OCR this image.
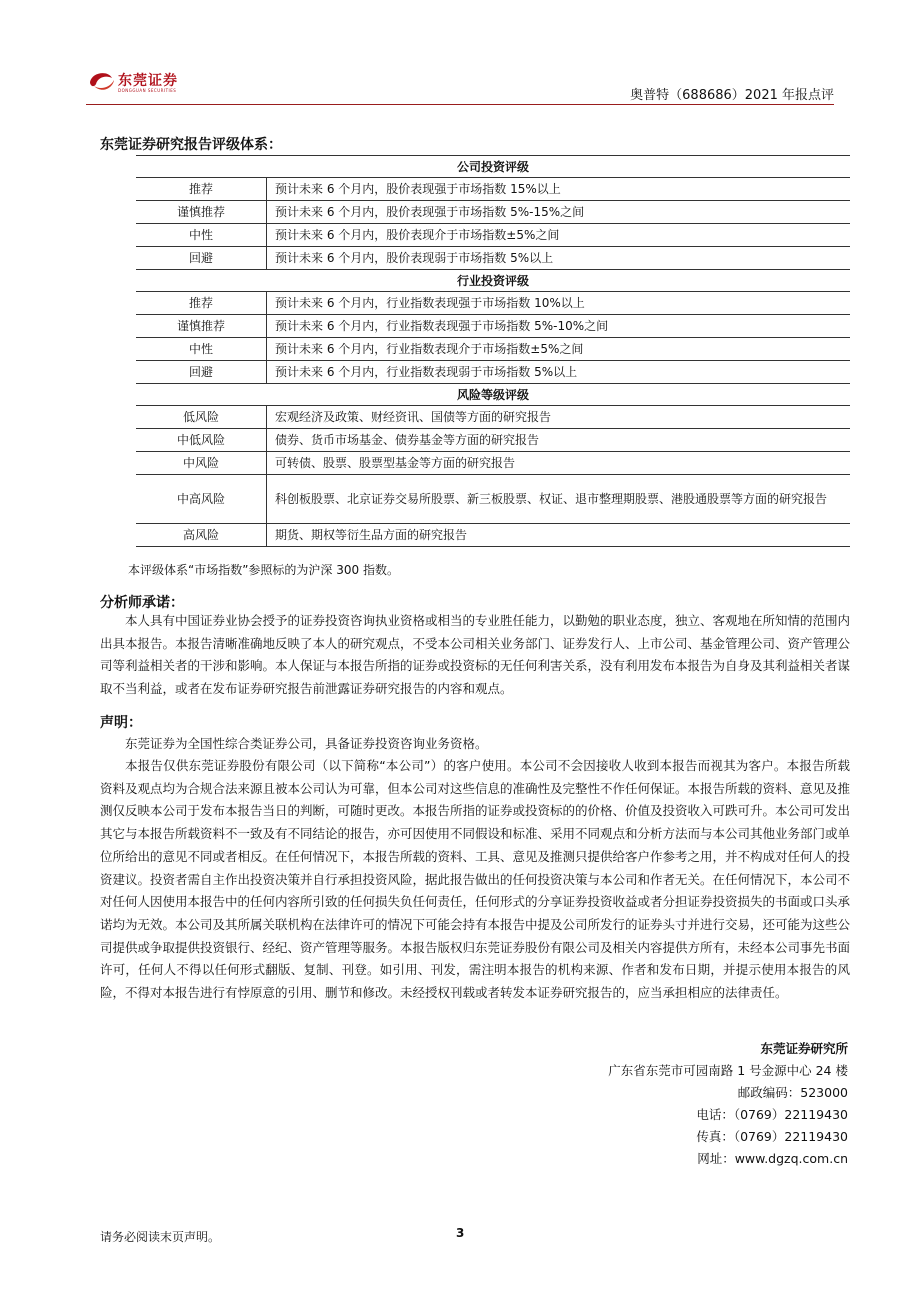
东莞证券
DONGGUAN SECURITIES	奥普特（688686）2021 年报点评
东莞证券研究报告评级体系：
公司投资评级	
推荐	预计未来 6 个月内，股价表现强于市场指数 15%以上
谨慎推荐	预计未来 6 个月内，股价表现强于市场指数 5%-15%之间
中性	预计未来 6 个月内，股价表现介于市场指数±5%之间
回避	预计未来 6 个月内，股价表现弱于市场指数 5%以上
行业投资评级	
推荐	预计未来 6 个月内，行业指数表现强于市场指数 10%以上
谨慎推荐	预计未来 6 个月内，行业指数表现强于市场指数 5%-10%之间
中性	预计未来 6 个月内，行业指数表现介于市场指数±5%之间
回避	预计未来 6 个月内，行业指数表现弱于市场指数 5%以上
风险等级评级	
低风险	宏观经济及政策、财经资讯、国债等方面的研究报告
中低风险	债券、货币市场基金、债券基金等方面的研究报告
中风险	可转债、股票、股票型基金等方面的研究报告
中高风险	科创板股票、北京证券交易所股票、新三板股票、权证、退市整理期股票、港股通股票等方面的研究报告
高风险	期货、期权等衍生品方面的研究报告
本评级体系“市场指数”参照标的为沪深 300 指数。
分析师承诺：

本人具有中国证券业协会授予的证券投资咨询执业资格或相当的专业胜任能力，以勤勉的职业态度，独立、客观地在所知情的范围内出具本报告。本报告清晰准确地反映了本人的研究观点，不受本公司相关业务部门、证券发行人、上市公司、基金管理公司、资产管理公司等利益相关者的干涉和影响。本人保证与本报告所指的证券或投资标的无任何利害关系，没有利用发布本报告为自身及其利益相关者谋取不当利益，或者在发布证券研究报告前泄露证券研究报告的内容和观点。

声明：

东莞证券为全国性综合类证券公司，具备证券投资咨询业务资格。

本报告仅供东莞证券股份有限公司（以下简称“本公司”）的客户使用。本公司不会因接收人收到本报告而视其为客户。本报告所载资料及观点均为合规合法来源且被本公司认为可靠，但本公司对这些信息的准确性及完整性不作任何保证。本报告所载的资料、意见及推测仅反映本公司于发布本报告当日的判断，可随时更改。本报告所指的证券或投资标的的价格、价值及投资收入可跌可升。本公司可发出其它与本报告所载资料不一致及有不同结论的报告，亦可因使用不同假设和标准、采用不同观点和分析方法而与本公司其他业务部门或单位所给出的意见不同或者相反。在任何情况下，本报告所载的资料、工具、意见及推测只提供给客户作参考之用，并不构成对任何人的投资建议。投资者需自主作出投资决策并自行承担投资风险，据此报告做出的任何投资决策与本公司和作者无关。在任何情况下，本公司不对任何人因使用本报告中的任何内容所引致的任何损失负任何责任，任何形式的分享证券投资收益或者分担证券投资损失的书面或口头承诺均为无效。本公司及其所属关联机构在法律许可的情况下可能会持有本报告中提及公司所发行的证券头寸并进行交易，还可能为这些公司提供或争取提供投资银行、经纪、资产管理等服务。本报告版权归东莞证券股份有限公司及相关内容提供方所有，未经本公司事先书面许可，任何人不得以任何形式翻版、复制、刊登。如引用、刊发，需注明本报告的机构来源、作者和发布日期，并提示使用本报告的风险，不得对本报告进行有悖原意的引用、删节和修改。未经授权刊载或者转发本证券研究报告的，应当承担相应的法律责任。

东莞证券研究所
广东省东莞市可园南路 1 号金源中心 24 楼
邮政编码：523000
电话：（0769）22119430
传真：（0769）22119430
网址：www.dgzq.com.cn
请务必阅读末页声明。	3
